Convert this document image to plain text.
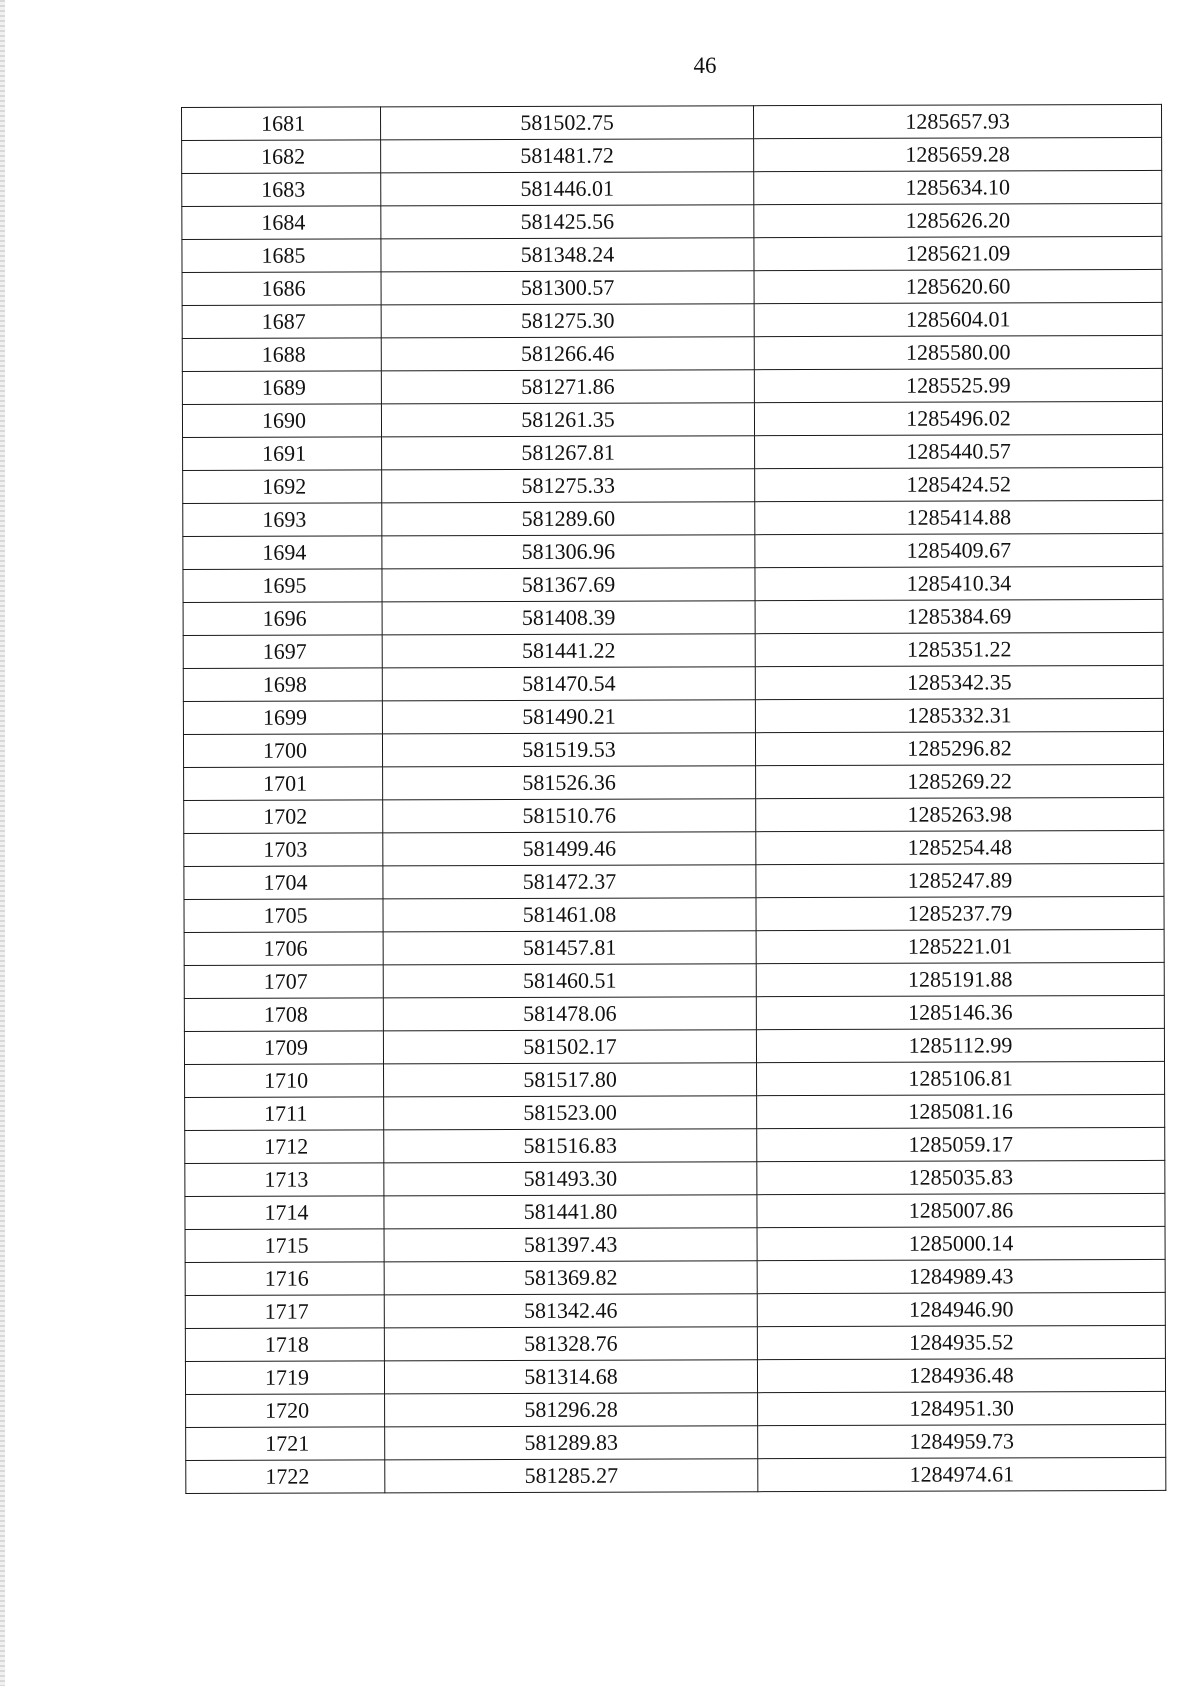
46
1681	581502.75	1285657.93
1682	581481.72	1285659.28
1683	581446.01	1285634.10
1684	581425.56	1285626.20
1685	581348.24	1285621.09
1686	581300.57	1285620.60
1687	581275.30	1285604.01
1688	581266.46	1285580.00
1689	581271.86	1285525.99
1690	581261.35	1285496.02
1691	581267.81	1285440.57
1692	581275.33	1285424.52
1693	581289.60	1285414.88
1694	581306.96	1285409.67
1695	581367.69	1285410.34
1696	581408.39	1285384.69
1697	581441.22	1285351.22
1698	581470.54	1285342.35
1699	581490.21	1285332.31
1700	581519.53	1285296.82
1701	581526.36	1285269.22
1702	581510.76	1285263.98
1703	581499.46	1285254.48
1704	581472.37	1285247.89
1705	581461.08	1285237.79
1706	581457.81	1285221.01
1707	581460.51	1285191.88
1708	581478.06	1285146.36
1709	581502.17	1285112.99
1710	581517.80	1285106.81
1711	581523.00	1285081.16
1712	581516.83	1285059.17
1713	581493.30	1285035.83
1714	581441.80	1285007.86
1715	581397.43	1285000.14
1716	581369.82	1284989.43
1717	581342.46	1284946.90
1718	581328.76	1284935.52
1719	581314.68	1284936.48
1720	581296.28	1284951.30
1721	581289.83	1284959.73
1722	581285.27	1284974.61
